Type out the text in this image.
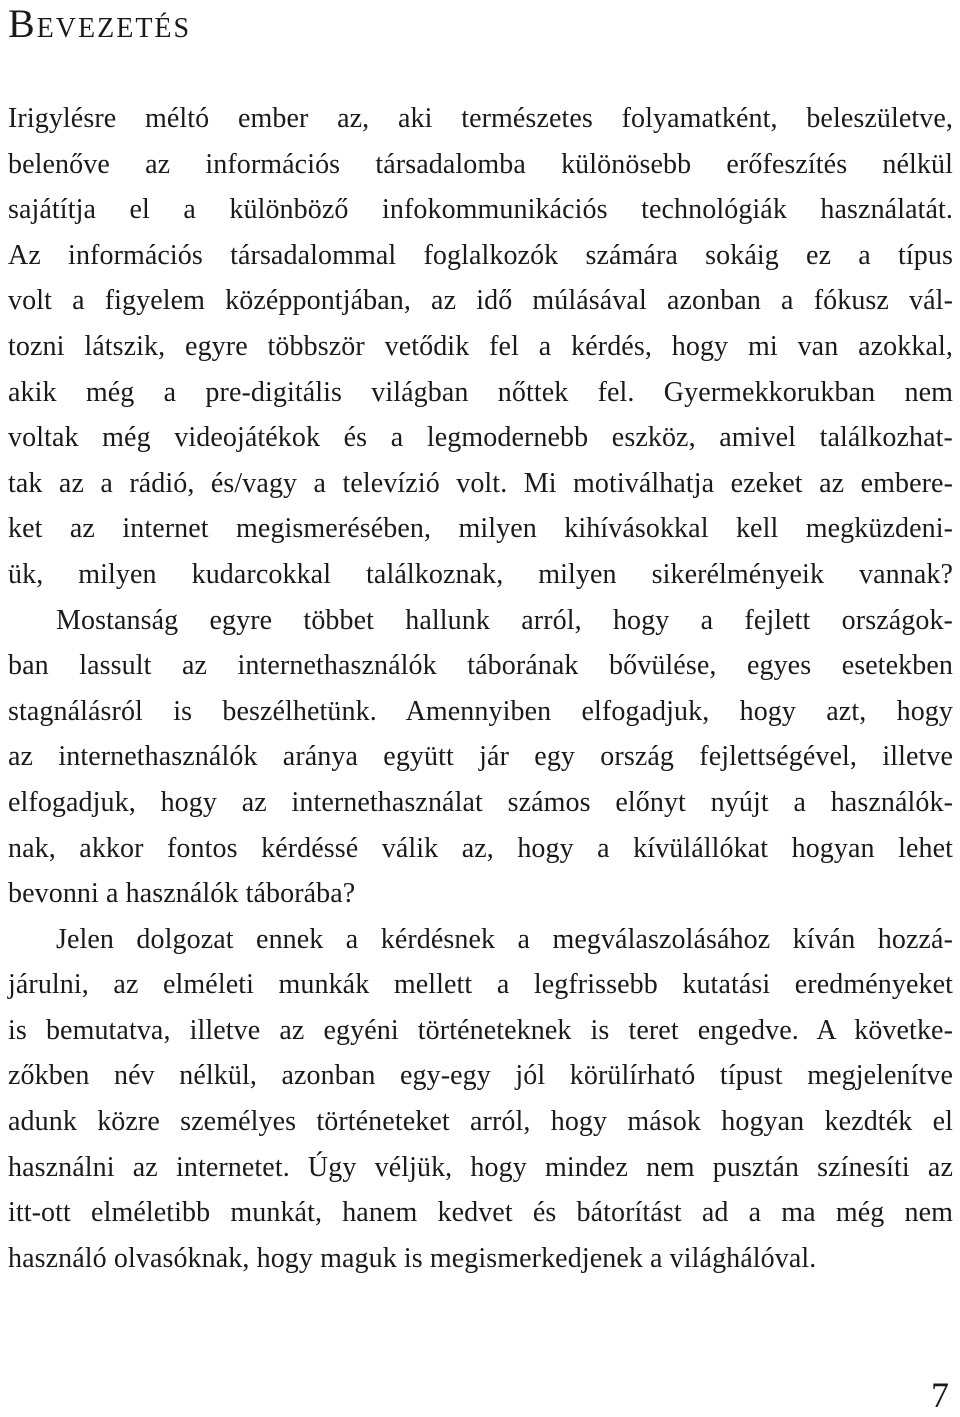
Bevezetés
Irigylésre méltó ember az, aki természetes folyamatként, beleszületve,
belenőve az információs társadalomba különösebb erőfeszítés nélkül
sajátítja el a különböző infokommunikációs technológiák használatát.
Az információs társadalommal foglalkozók számára sokáig ez a típus
volt a figyelem középpontjában, az idő múlásával azonban a fókusz vál-
tozni látszik, egyre többször vetődik fel a kérdés, hogy mi van azokkal,
akik még a pre-digitális világban nőttek fel. Gyermekkorukban nem
voltak még videojátékok és a legmodernebb eszköz, amivel találkozhat-
tak az a rádió, és/vagy a televízió volt. Mi motiválhatja ezeket az embere-
ket az internet megismerésében, milyen kihívásokkal kell megküzdeni-
ük, milyen kudarcokkal találkoznak, milyen sikerélményeik vannak?
Mostanság egyre többet hallunk arról, hogy a fejlett országok-
ban lassult az internethasználók táborának bővülése, egyes esetekben
stagnálásról is beszélhetünk. Amennyiben elfogadjuk, hogy azt, hogy
az internethasználók aránya együtt jár egy ország fejlettségével, illetve
elfogadjuk, hogy az internethasználat számos előnyt nyújt a használók-
nak, akkor fontos kérdéssé válik az, hogy a kívülállókat hogyan lehet
bevonni a használók táborába?
Jelen dolgozat ennek a kérdésnek a megválaszolásához kíván hozzá-
járulni, az elméleti munkák mellett a legfrissebb kutatási eredményeket
is bemutatva, illetve az egyéni történeteknek is teret engedve. A követke-
zőkben név nélkül, azonban egy-egy jól körülírható típust megjelenítve
adunk közre személyes történeteket arról, hogy mások hogyan kezdték el
használni az internetet. Úgy véljük, hogy mindez nem pusztán színesíti az
itt-ott elméletibb munkát, hanem kedvet és bátorítást ad a ma még nem
használó olvasóknak, hogy maguk is megismerkedjenek a világhálóval.
7
